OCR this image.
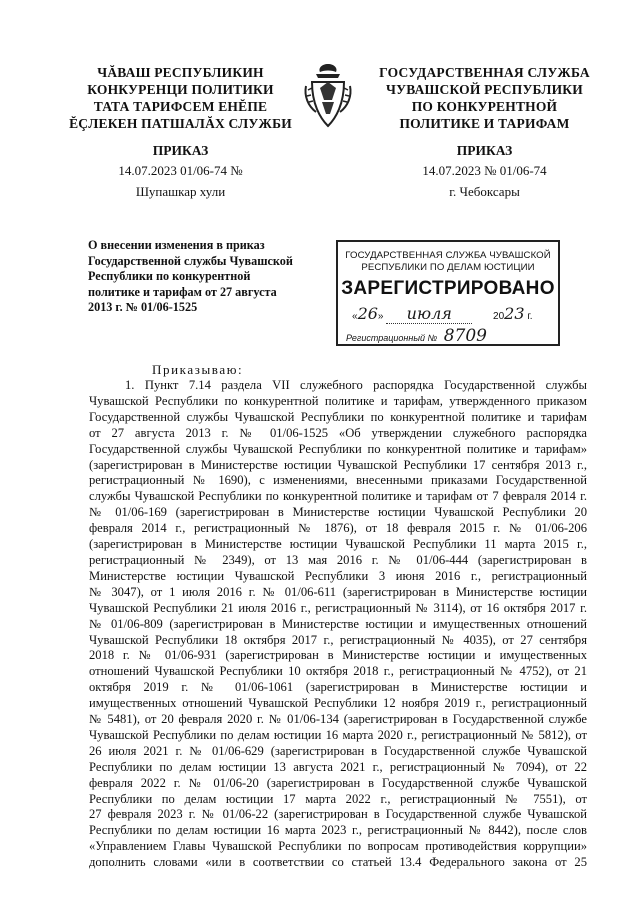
ЧĂВАШ РЕСПУБЛИКИН
КОНКУРЕНЦИ ПОЛИТИКИ
ТАТА ТАРИФСЕМ ЕНĔПЕ
ĔÇЛЕКЕН ПАТШАЛĂХ СЛУЖБИ
ГОСУДАРСТВЕННАЯ СЛУЖБА
ЧУВАШСКОЙ РЕСПУБЛИКИ
ПО КОНКУРЕНТНОЙ
ПОЛИТИКЕ И ТАРИФАМ
ПРИКАЗ	ПРИКАЗ
14.07.2023 01/06-74 №	14.07.2023 № 01/06-74
Шупашкар хули	г. Чебоксары
О внесении изменения в приказ
Государственной службы Чувашской
Республики по конкурентной
политике и тарифам от 27 августа
2013 г. № 01/06-1525
ГОСУДАРСТВЕННАЯ СЛУЖБА ЧУВАШСКОЙ
РЕСПУБЛИКИ ПО ДЕЛАМ ЮСТИЦИИ
ЗАРЕГИСТРИРОВАНО
«26» июля	2023 г.
Регистрационный № 8709
Приказываю:
1. Пункт 7.14 раздела VII служебного распорядка Государственной службы
Чувашской Республики по конкурентной политике и тарифам, утвержденного приказом
Государственной службы Чувашской Республики по конкурентной политике и тарифам
от 27 августа 2013 г. № 01/06-1525 «Об утверждении служебного распорядка
Государственной службы Чувашской Республики по конкурентной политике и тарифам»
(зарегистрирован в Министерстве юстиции Чувашской Республики 17 сентября 2013 г.,
регистрационный № 1690), с изменениями, внесенными приказами Государственной
службы Чувашской Республики по конкурентной политике и тарифам от 7 февраля 2014 г.
№ 01/06-169 (зарегистрирован в Министерстве юстиции Чувашской Республики 20
февраля 2014 г., регистрационный № 1876), от 18 февраля 2015 г. № 01/06-206
(зарегистрирован в Министерстве юстиции Чувашской Республики 11 марта 2015 г.,
регистрационный № 2349), от 13 мая 2016 г. № 01/06-444 (зарегистрирован в
Министерстве юстиции Чувашской Республики 3 июня 2016 г., регистрационный
№ 3047), от 1 июля 2016 г. № 01/06-611 (зарегистрирован в Министерстве юстиции
Чувашской Республики 21 июля 2016 г., регистрационный № 3114), от 16 октября 2017 г.
№ 01/06-809 (зарегистрирован в Министерстве юстиции и имущественных отношений
Чувашской Республики 18 октября 2017 г., регистрационный № 4035), от 27 сентября
2018 г. № 01/06-931 (зарегистрирован в Министерстве юстиции и имущественных
отношений Чувашской Республики 10 октября 2018 г., регистрационный № 4752), от 21
октября 2019 г. № 01/06-1061 (зарегистрирован в Министерстве юстиции и
имущественных отношений Чувашской Республики 12 ноября 2019 г., регистрационный
№ 5481), от 20 февраля 2020 г. № 01/06-134 (зарегистрирован в Государственной службе
Чувашской Республики по делам юстиции 16 марта 2020 г., регистрационный № 5812), от
26 июля 2021 г. № 01/06-629 (зарегистрирован в Государственной службе Чувашской
Республики по делам юстиции 13 августа 2021 г., регистрационный № 7094), от 22
февраля 2022 г. № 01/06-20 (зарегистрирован в Государственной службе Чувашской
Республики по делам юстиции 17 марта 2022 г., регистрационный № 7551), от
27 февраля 2023 г. № 01/06-22 (зарегистрирован в Государственной службе Чувашской
Республики по делам юстиции 16 марта 2023 г., регистрационный № 8442), после слов
«Управлением Главы Чувашской Республики по вопросам противодействия коррупции»
дополнить словами «или в соответствии со статьей 13.4 Федерального закона от 25
